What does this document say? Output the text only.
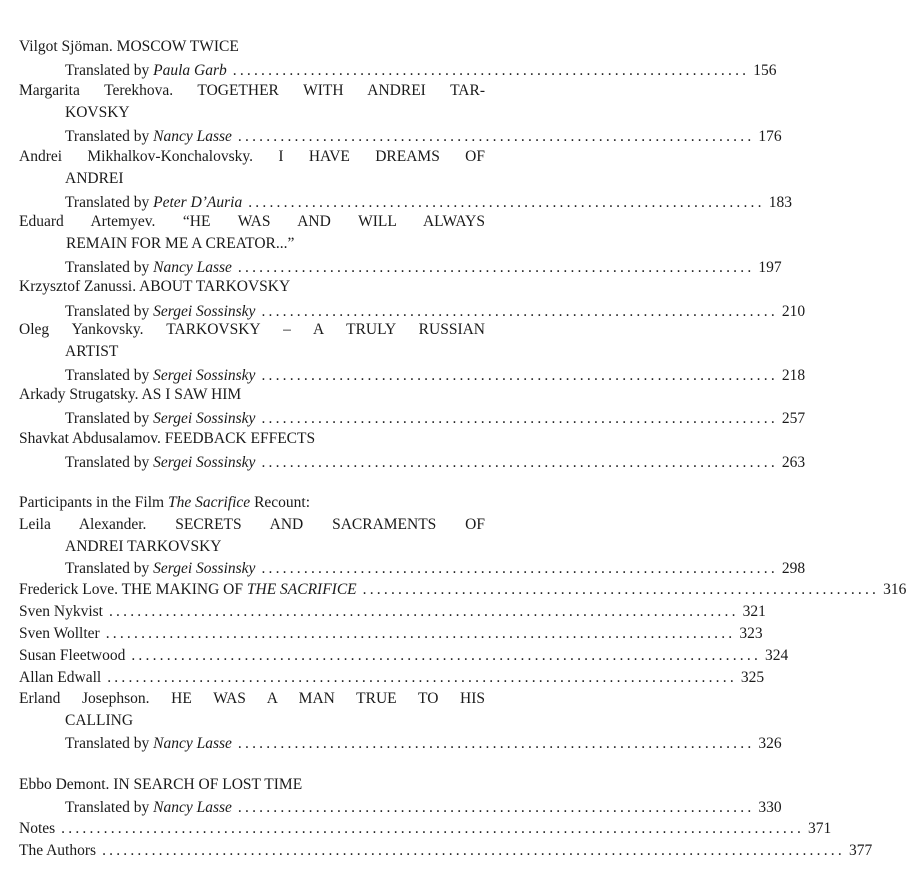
Vilgot Sjöman. MOSCOW TWICE
Translated by Paula Garb ......................................................................... 156
Margarita Terekhova. TOGETHER WITH ANDREI TAR-
KOVSKY
Translated by Nancy Lasse ......................................................................... 176
Andrei Mikhalkov-Konchalovsky. I HAVE DREAMS OF
ANDREI
Translated by Peter D’Auria ......................................................................... 183
Eduard Artemyev. “HE WAS AND WILL ALWAYS
REMAIN FOR ME A CREATOR...”
Translated by Nancy Lasse ......................................................................... 197
Krzysztof Zanussi. ABOUT TARKOVSKY
Translated by Sergei Sossinsky ......................................................................... 210
Oleg Yankovsky. TARKOVSKY – A TRULY RUSSIAN
ARTIST
Translated by Sergei Sossinsky ......................................................................... 218
Arkady Strugatsky. AS I SAW HIM
Translated by Sergei Sossinsky ......................................................................... 257
Shavkat Abdusalamov. FEEDBACK EFFECTS
Translated by Sergei Sossinsky ......................................................................... 263
Participants in the Film The Sacrifice Recount:
Leila Alexander. SECRETS AND SACRAMENTS OF
ANDREI TARKOVSKY
Translated by Sergei Sossinsky ......................................................................... 298
Frederick Love. THE MAKING OF THE SACRIFICE ......................................................................... 316
Sven Nykvist ......................................................................................... 321
Sven Wollter ......................................................................................... 323
Susan Fleetwood ......................................................................................... 324
Allan Edwall ......................................................................................... 325
Erland Josephson. HE WAS A MAN TRUE TO HIS
CALLING
Translated by Nancy Lasse ......................................................................... 326
Ebbo Demont. IN SEARCH OF LOST TIME
Translated by Nancy Lasse ......................................................................... 330
Notes ......................................................................................................... 371
The Authors ......................................................................................................... 377
